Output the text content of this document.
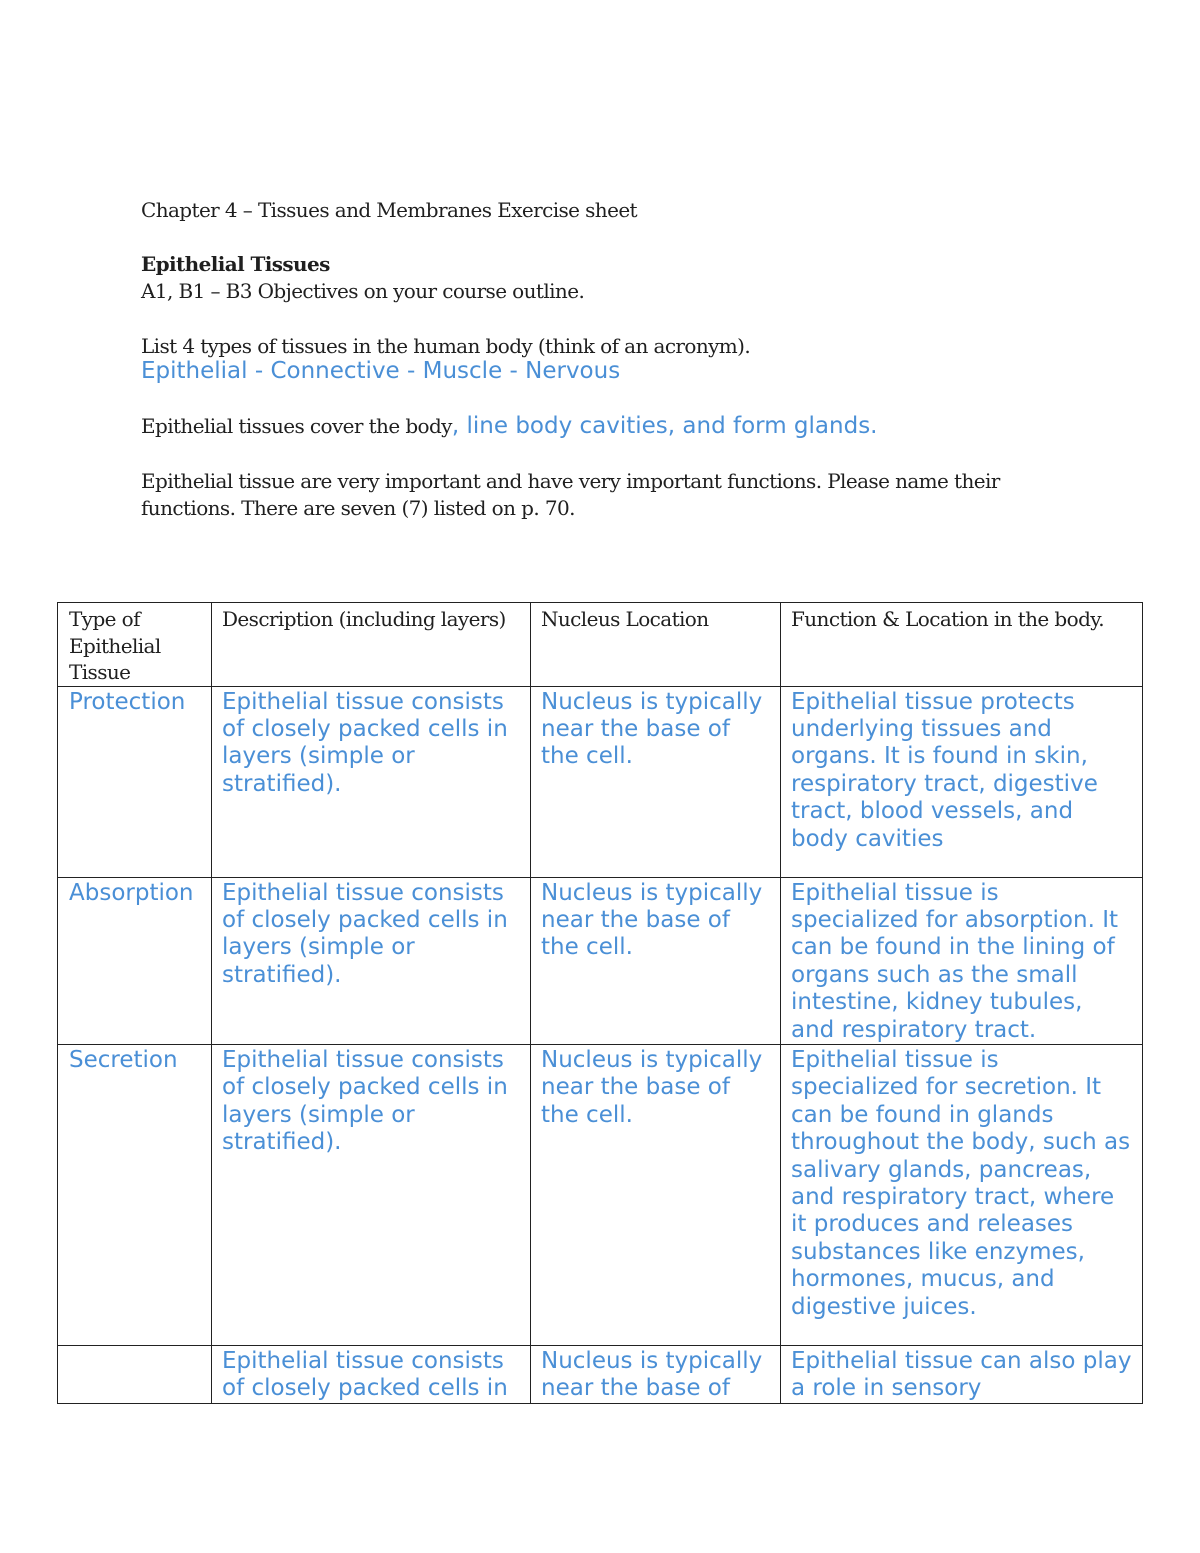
Chapter 4 – Tissues and Membranes Exercise sheet
Epithelial Tissues
A1, B1 – B3 Objectives on your course outline.
List 4 types of tissues in the human body (think of an acronym).
Epithelial - Connective - Muscle - Nervous
Epithelial tissues cover the body, line body cavities, and form glands.
Epithelial tissue are very important and have very important functions. Please name their
functions. There are seven (7) listed on p. 70.
Type of Epithelial Tissue	Description (including layers)	Nucleus Location	Function & Location in the body.
Protection	Epithelial tissue consists of closely packed cells in layers (simple or stratified).	Nucleus is typically near the base of the cell.	Epithelial tissue protects underlying tissues and organs. It is found in skin, respiratory tract, digestive tract, blood vessels, and body cavities
Absorption	Epithelial tissue consists of closely packed cells in layers (simple or stratified).	Nucleus is typically near the base of the cell.	Epithelial tissue is specialized for absorption. It can be found in the lining of organs such as the small intestine, kidney tubules, and respiratory tract.
Secretion	Epithelial tissue consists of closely packed cells in layers (simple or stratified).	Nucleus is typically near the base of the cell.	Epithelial tissue is specialized for secretion. It can be found in glands throughout the body, such as salivary glands, pancreas, and respiratory tract, where it produces and releases substances like enzymes, hormones, mucus, and digestive juices.

	Epithelial tissue consists of closely packed cells in	Nucleus is typically near the base of	Epithelial tissue can also play a role in sensory
